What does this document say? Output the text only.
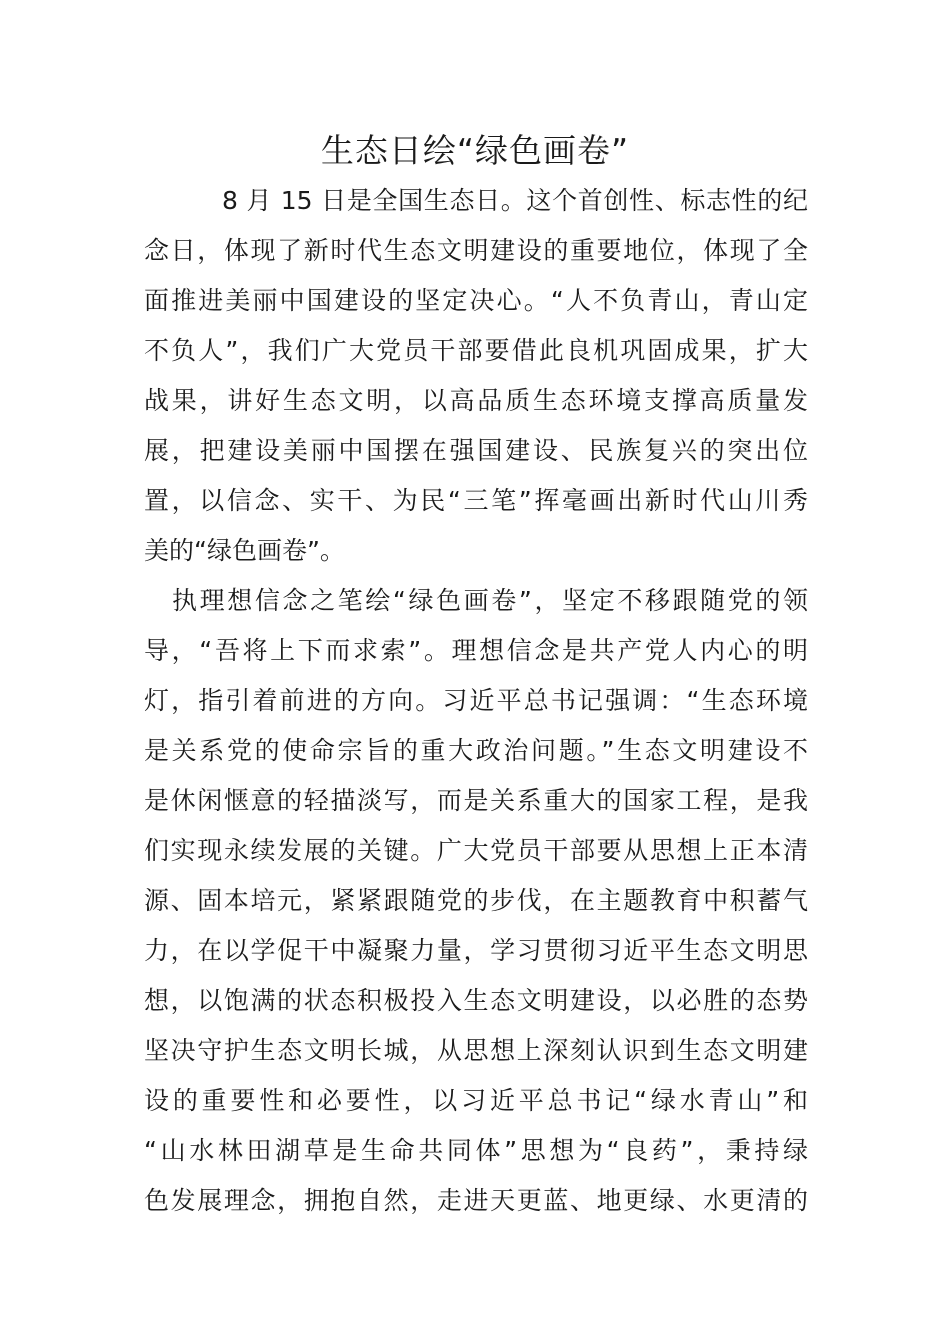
生态日绘“绿色画卷”
8 月 15 日是全国生态日。这个首创性、标志性的纪
念日，体现了新时代生态文明建设的重要地位，体现了全
面推进美丽中国建设的坚定决心。“人不负青山，青山定
不负人”，我们广大党员干部要借此良机巩固成果，扩大
战果，讲好生态文明，以高品质生态环境支撑高质量发
展，把建设美丽中国摆在强国建设、民族复兴的突出位
置，以信念、实干、为民“三笔”挥毫画出新时代山川秀
美的“绿色画卷”。
执理想信念之笔绘“绿色画卷”，坚定不移跟随党的领
导，“吾将上下而求索”。理想信念是共产党人内心的明
灯，指引着前进的方向。习近平总书记强调：“生态环境
是关系党的使命宗旨的重大政治问题。”生态文明建设不
是休闲惬意的轻描淡写，而是关系重大的国家工程，是我
们实现永续发展的关键。广大党员干部要从思想上正本清
源、固本培元，紧紧跟随党的步伐，在主题教育中积蓄气
力，在以学促干中凝聚力量，学习贯彻习近平生态文明思
想，以饱满的状态积极投入生态文明建设，以必胜的态势
坚决守护生态文明长城，从思想上深刻认识到生态文明建
设的重要性和必要性，以习近平总书记“绿水青山”和
“山水林田湖草是生命共同体”思想为“良药”，秉持绿
色发展理念，拥抱自然，走进天更蓝、地更绿、水更清的
